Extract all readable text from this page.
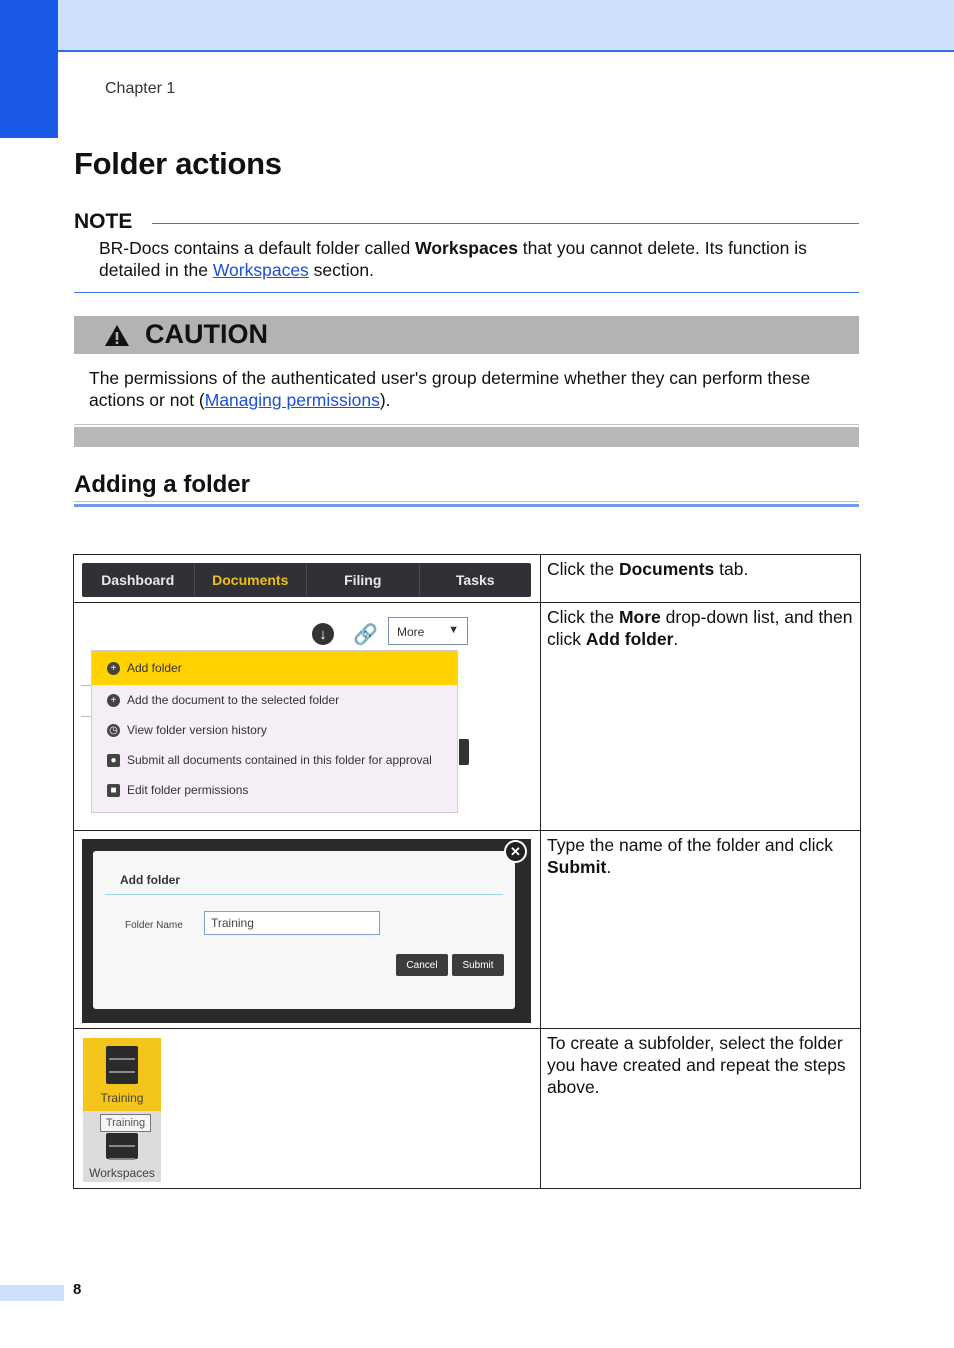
Chapter 1
Folder actions
NOTE
BR-Docs contains a default folder called Workspaces that you cannot delete. Its function is detailed in the Workspaces section.
CAUTION
The permissions of the authenticated user's group determine whether they can perform these actions or not (Managing permissions).
Adding a folder
Dashboard	Documents	Filing	Tasks
Click the Documents tab.
↓	🔗	More ▼
+ Add folder
+ Add the document to the selected folder
◷ View folder version history
● Submit all documents contained in this folder for approval
■ Edit folder permissions
Click the More drop-down list, and then click Add folder.
Add folder
Folder Name	Training
Cancel	Submit
✕	Type the name of the folder and click Submit.
Training
Training
Workspaces
To create a subfolder, select the folder you have created and repeat the steps above.
8
